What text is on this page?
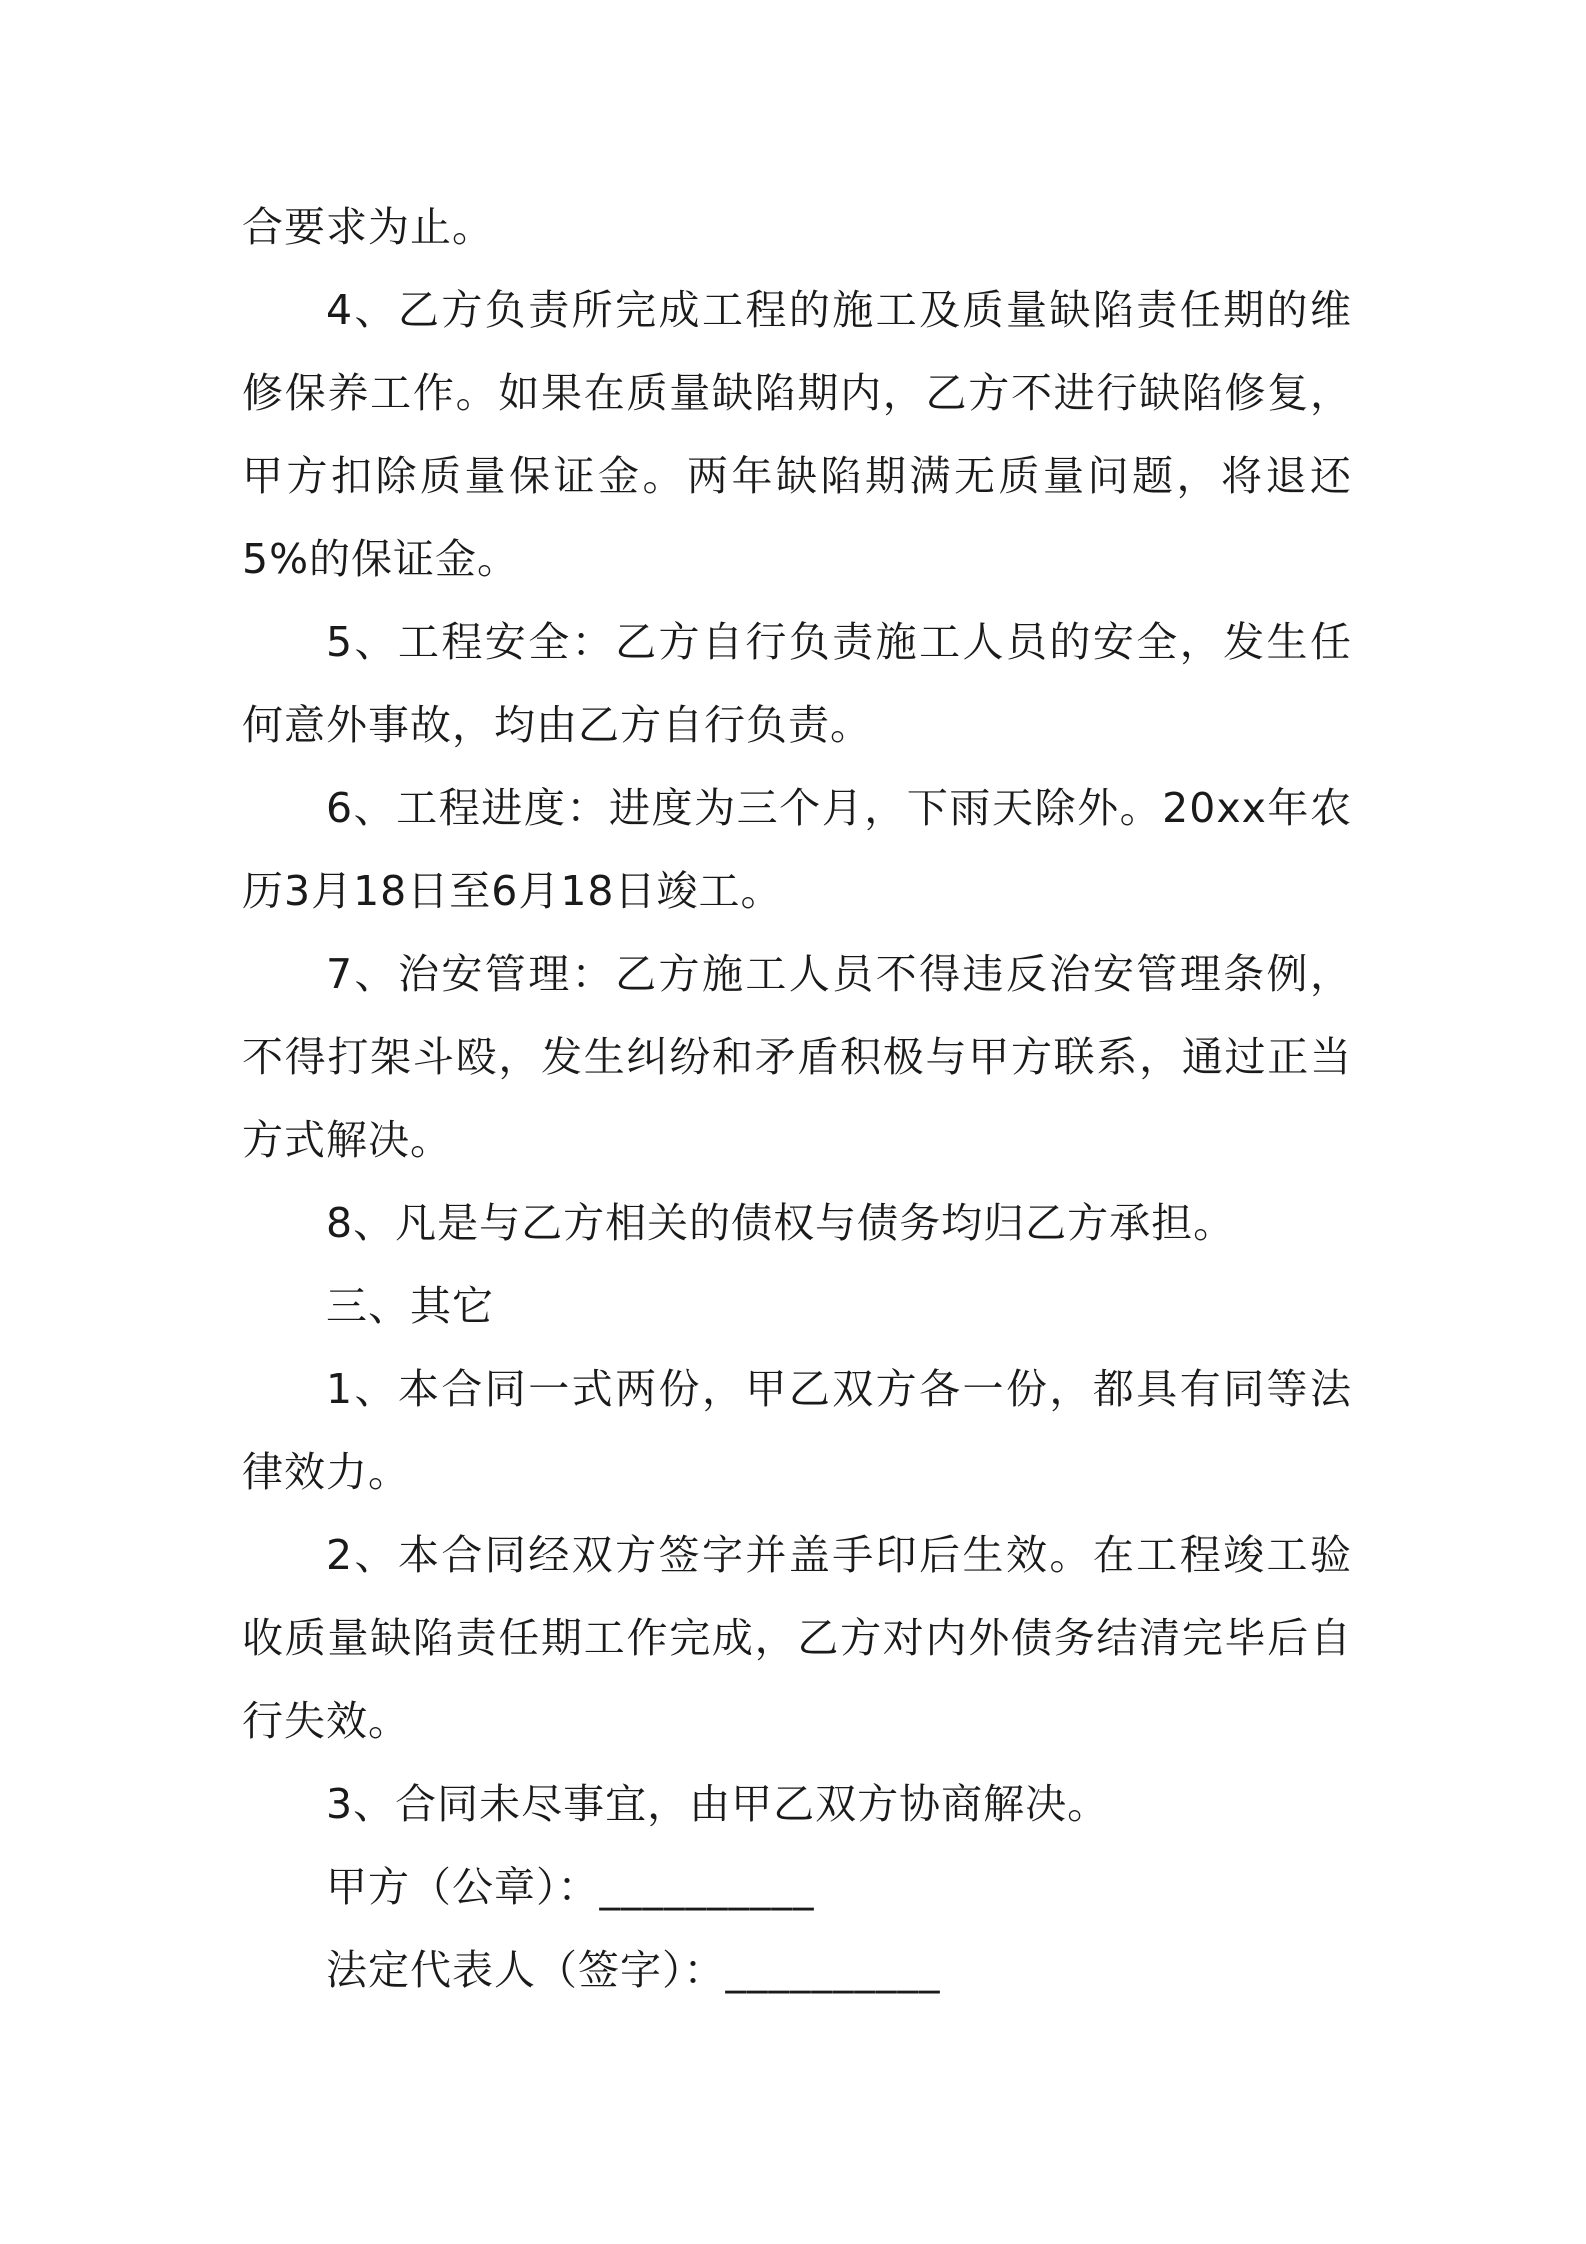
合要求为止。

4、乙方负责所完成工程的施工及质量缺陷责任期的维修保养工作。如果在质量缺陷期内，乙方不进行缺陷修复，甲方扣除质量保证金。两年缺陷期满无质量问题，将退还5%的保证金。

5、工程安全：乙方自行负责施工人员的安全，发生任何意外事故，均由乙方自行负责。

6、工程进度：进度为三个月，下雨天除外。20xx年农历3月18日至6月18日竣工。

7、治安管理：乙方施工人员不得违反治安管理条例，不得打架斗殴，发生纠纷和矛盾积极与甲方联系，通过正当方式解决。

8、凡是与乙方相关的债权与债务均归乙方承担。

三、其它

1、本合同一式两份，甲乙双方各一份，都具有同等法律效力。

2、本合同经双方签字并盖手印后生效。在工程竣工验收质量缺陷责任期工作完成，乙方对内外债务结清完毕后自行失效。

3、合同未尽事宜，由甲乙双方协商解决。

甲方（公章）：__________

法定代表人（签字）：__________
